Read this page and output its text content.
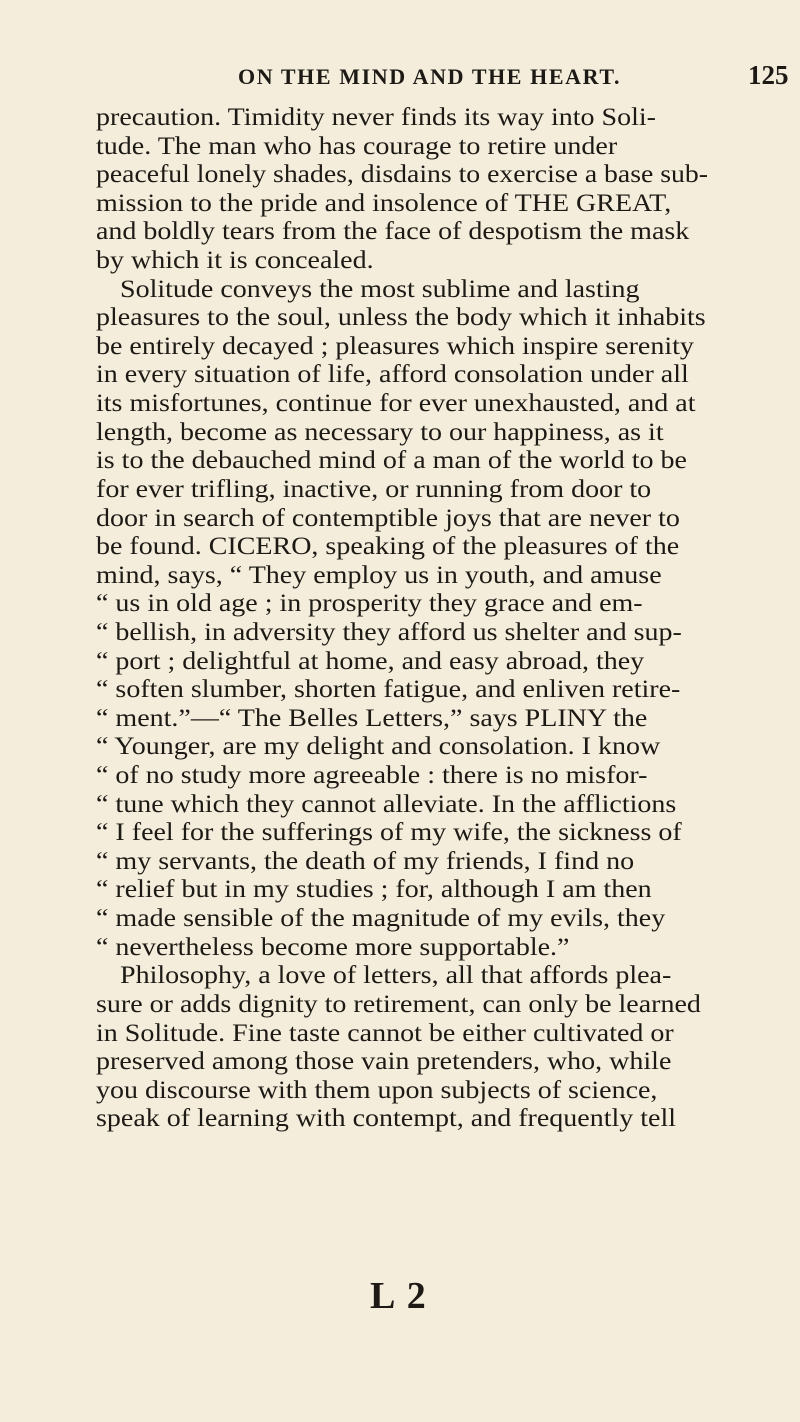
ON THE MIND AND THE HEART.	125
precaution. Timidity never finds its way into Soli-
tude. The man who has courage to retire under
peaceful lonely shades, disdains to exercise a base sub-
mission to the pride and insolence of THE GREAT,
and boldly tears from the face of despotism the mask
by which it is concealed.
Solitude conveys the most sublime and lasting
pleasures to the soul, unless the body which it inhabits
be entirely decayed ; pleasures which inspire serenity
in every situation of life, afford consolation under all
its misfortunes, continue for ever unexhausted, and at
length, become as necessary to our happiness, as it
is to the debauched mind of a man of the world to be
for ever trifling, inactive, or running from door to
door in search of contemptible joys that are never to
be found. CICERO, speaking of the pleasures of the
mind, says, “ They employ us in youth, and amuse
“ us in old age ; in prosperity they grace and em-
“ bellish, in adversity they afford us shelter and sup-
“ port ; delightful at home, and easy abroad, they
“ soften slumber, shorten fatigue, and enliven retire-
“ ment.”—“ The Belles Letters,” says PLINY the
“ Younger, are my delight and consolation. I know
“ of no study more agreeable : there is no misfor-
“ tune which they cannot alleviate. In the afflictions
“ I feel for the sufferings of my wife, the sickness of
“ my servants, the death of my friends, I find no
“ relief but in my studies ; for, although I am then
“ made sensible of the magnitude of my evils, they
“ nevertheless become more supportable.”
Philosophy, a love of letters, all that affords plea-
sure or adds dignity to retirement, can only be learned
in Solitude. Fine taste cannot be either cultivated or
preserved among those vain pretenders, who, while
you discourse with them upon subjects of science,
speak of learning with contempt, and frequently tell
L 2
